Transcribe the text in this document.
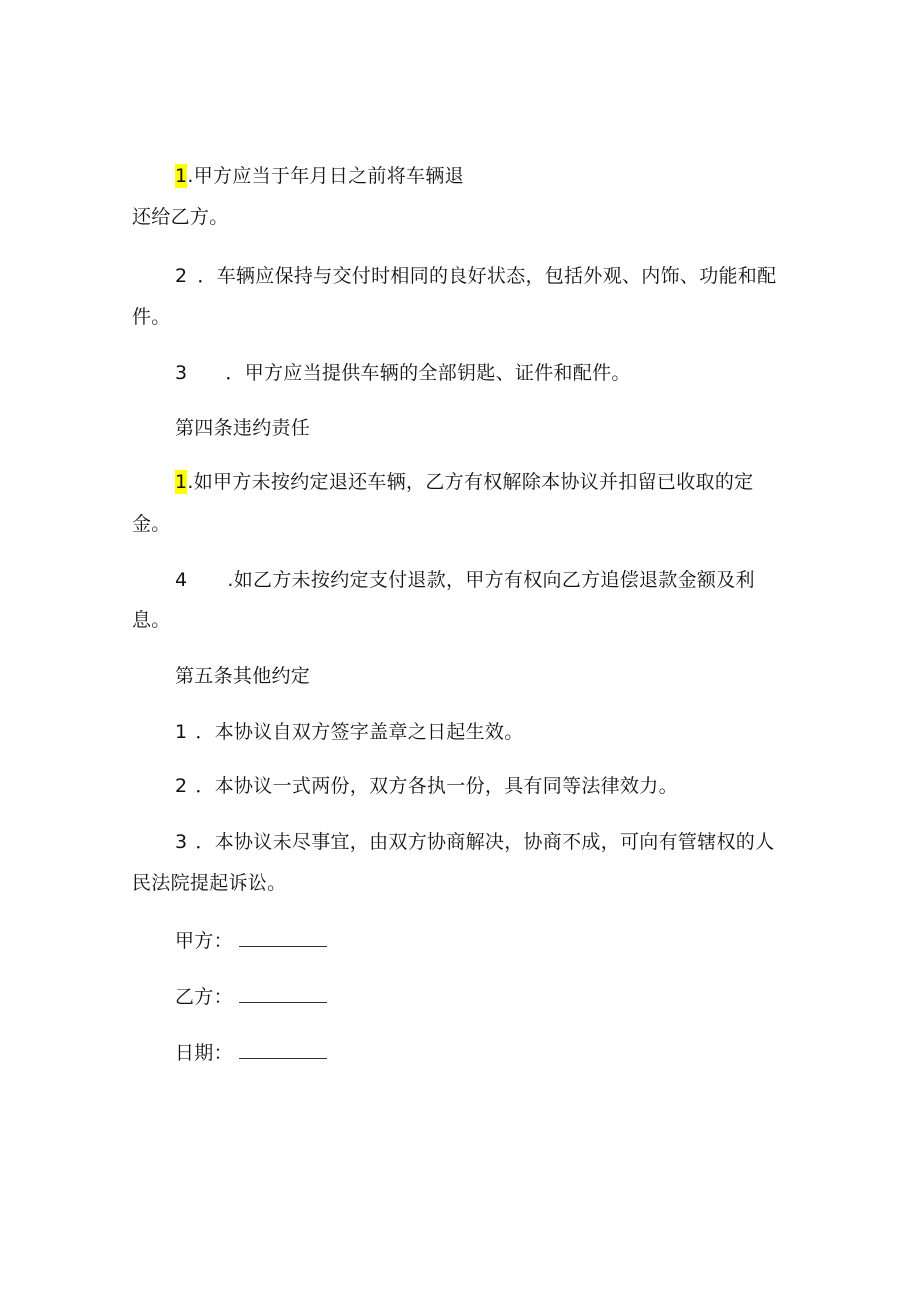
1.甲方应当于年月日之前将车辆退
还给乙方。
2 ．车辆应保持与交付时相同的良好状态，包括外观、内饰、功能和配
件。
3 ．甲方应当提供车辆的全部钥匙、证件和配件。
第四条违约责任
1.如甲方未按约定退还车辆，乙方有权解除本协议并扣留已收取的定
金。
4 .如乙方未按约定支付退款，甲方有权向乙方追偿退款金额及利
息。
第五条其他约定
1 ．本协议自双方签字盖章之日起生效。
2 ．本协议一式两份，双方各执一份，具有同等法律效力。
3 ．本协议未尽事宜，由双方协商解决，协商不成，可向有管辖权的人
民法院提起诉讼。
甲方：
乙方：
日期：
